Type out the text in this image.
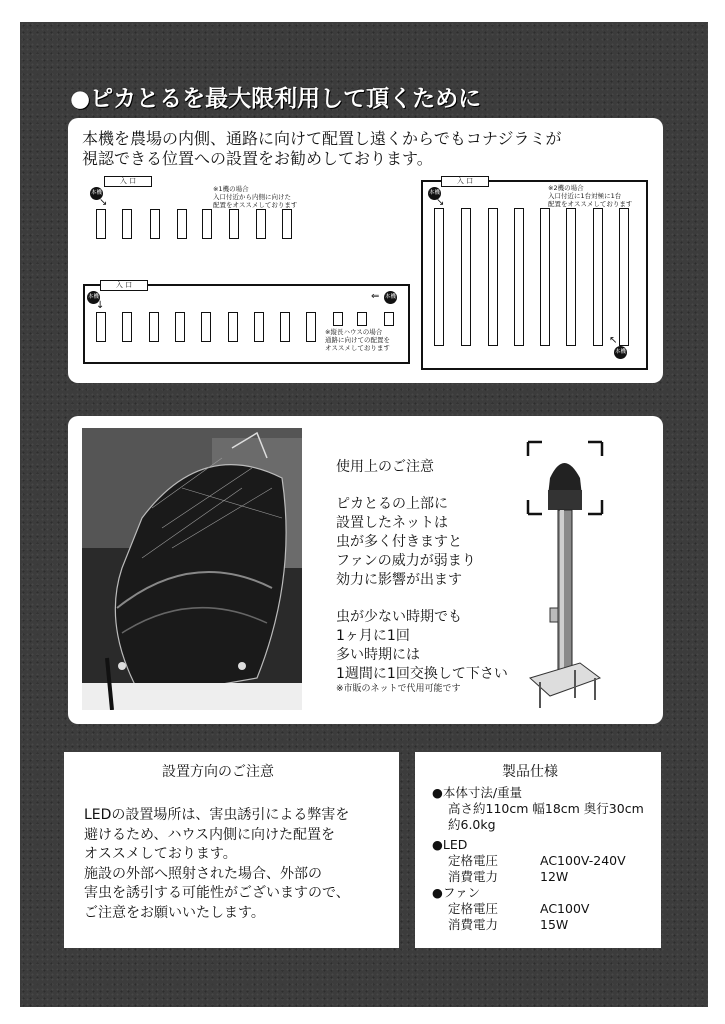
●ピカとるを最大限利用して頂くために
本機を農場の内側、通路に向けて配置し遠くからでもコナジラミが
視認できる位置への設置をお勧めしております。
入 口
本機
↘
※1機の場合
入口付近から内側に向けた
配置をオススメしております
入 口
本機
↘
↖
本機
※2機の場合
入口付近に1台対極に1台
配置をオススメしております
入 口
本機
↓
本機
⇐
※縦長ハウスの場合
通路に向けての配置を
オススメしております
使用上のご注意
ピカとるの上部に
設置したネットは
虫が多く付きますと
ファンの威力が弱まり
効力に影響が出ます
虫が少ない時期でも
1ヶ月に1回
多い時期には
1週間に1回交換して下さい
※市販のネットで代用可能です
設置方向のご注意
LEDの設置場所は、害虫誘引による弊害を
避けるため、ハウス内側に向けた配置を
オススメしております。
施設の外部へ照射された場合、外部の
害虫を誘引する可能性がございますので、
ご注意をお願いいたします。
製品仕様
●本体寸法/重量
高さ約110cm 幅18cm 奥行30cm
約6.0kg
●LED
定格電圧	AC100V-240V
消費電力	12W
●ファン
定格電圧	AC100V
消費電力	15W
